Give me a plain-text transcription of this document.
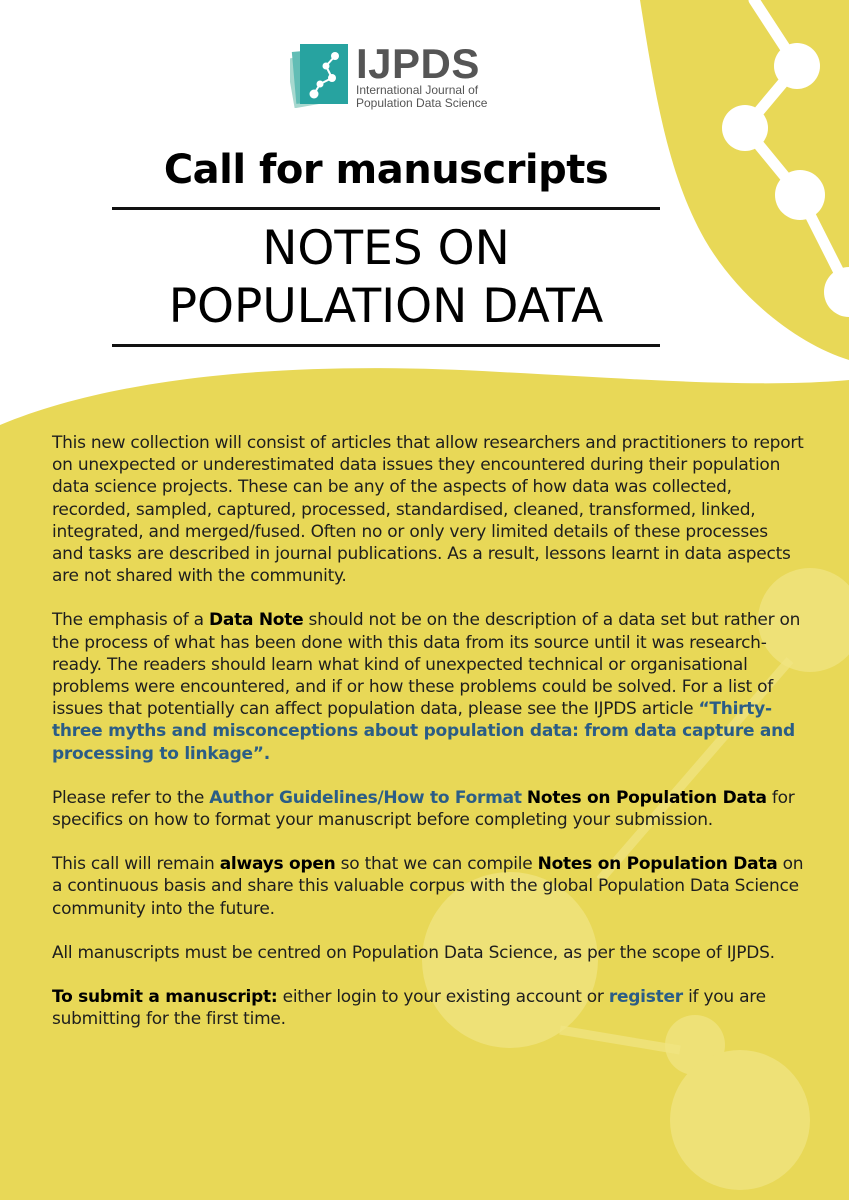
IJPDS
International Journal of
Population Data Science
Call for manuscripts
NOTES ON
POPULATION DATA

This new collection will consist of articles that allow researchers and practitioners to report on unexpected or underestimated data issues they encountered during their population data science projects. These can be any of the aspects of how data was collected, recorded, sampled, captured, processed, standardised, cleaned, transformed, linked, integrated, and merged/fused. Often no or only very limited details of these processes and tasks are described in journal publications. As a result, lessons learnt in data aspects are not shared with the community.

The emphasis of a Data Note should not be on the description of a data set but rather on the process of what has been done with this data from its source until it was research-ready. The readers should learn what kind of unexpected technical or organisational problems were encountered, and if or how these problems could be solved. For a list of issues that potentially can affect population data, please see the IJPDS article “Thirty-three myths and misconceptions about population data: from data capture and processing to linkage”.

Please refer to the Author Guidelines/How to Format Notes on Population Data for specifics on how to format your manuscript before completing your submission.

This call will remain always open so that we can compile Notes on Population Data on a continuous basis and share this valuable corpus with the global Population Data Science community into the future.

All manuscripts must be centred on Population Data Science, as per the scope of IJPDS.

To submit a manuscript: either login to your existing account or register if you are submitting for the first time.
